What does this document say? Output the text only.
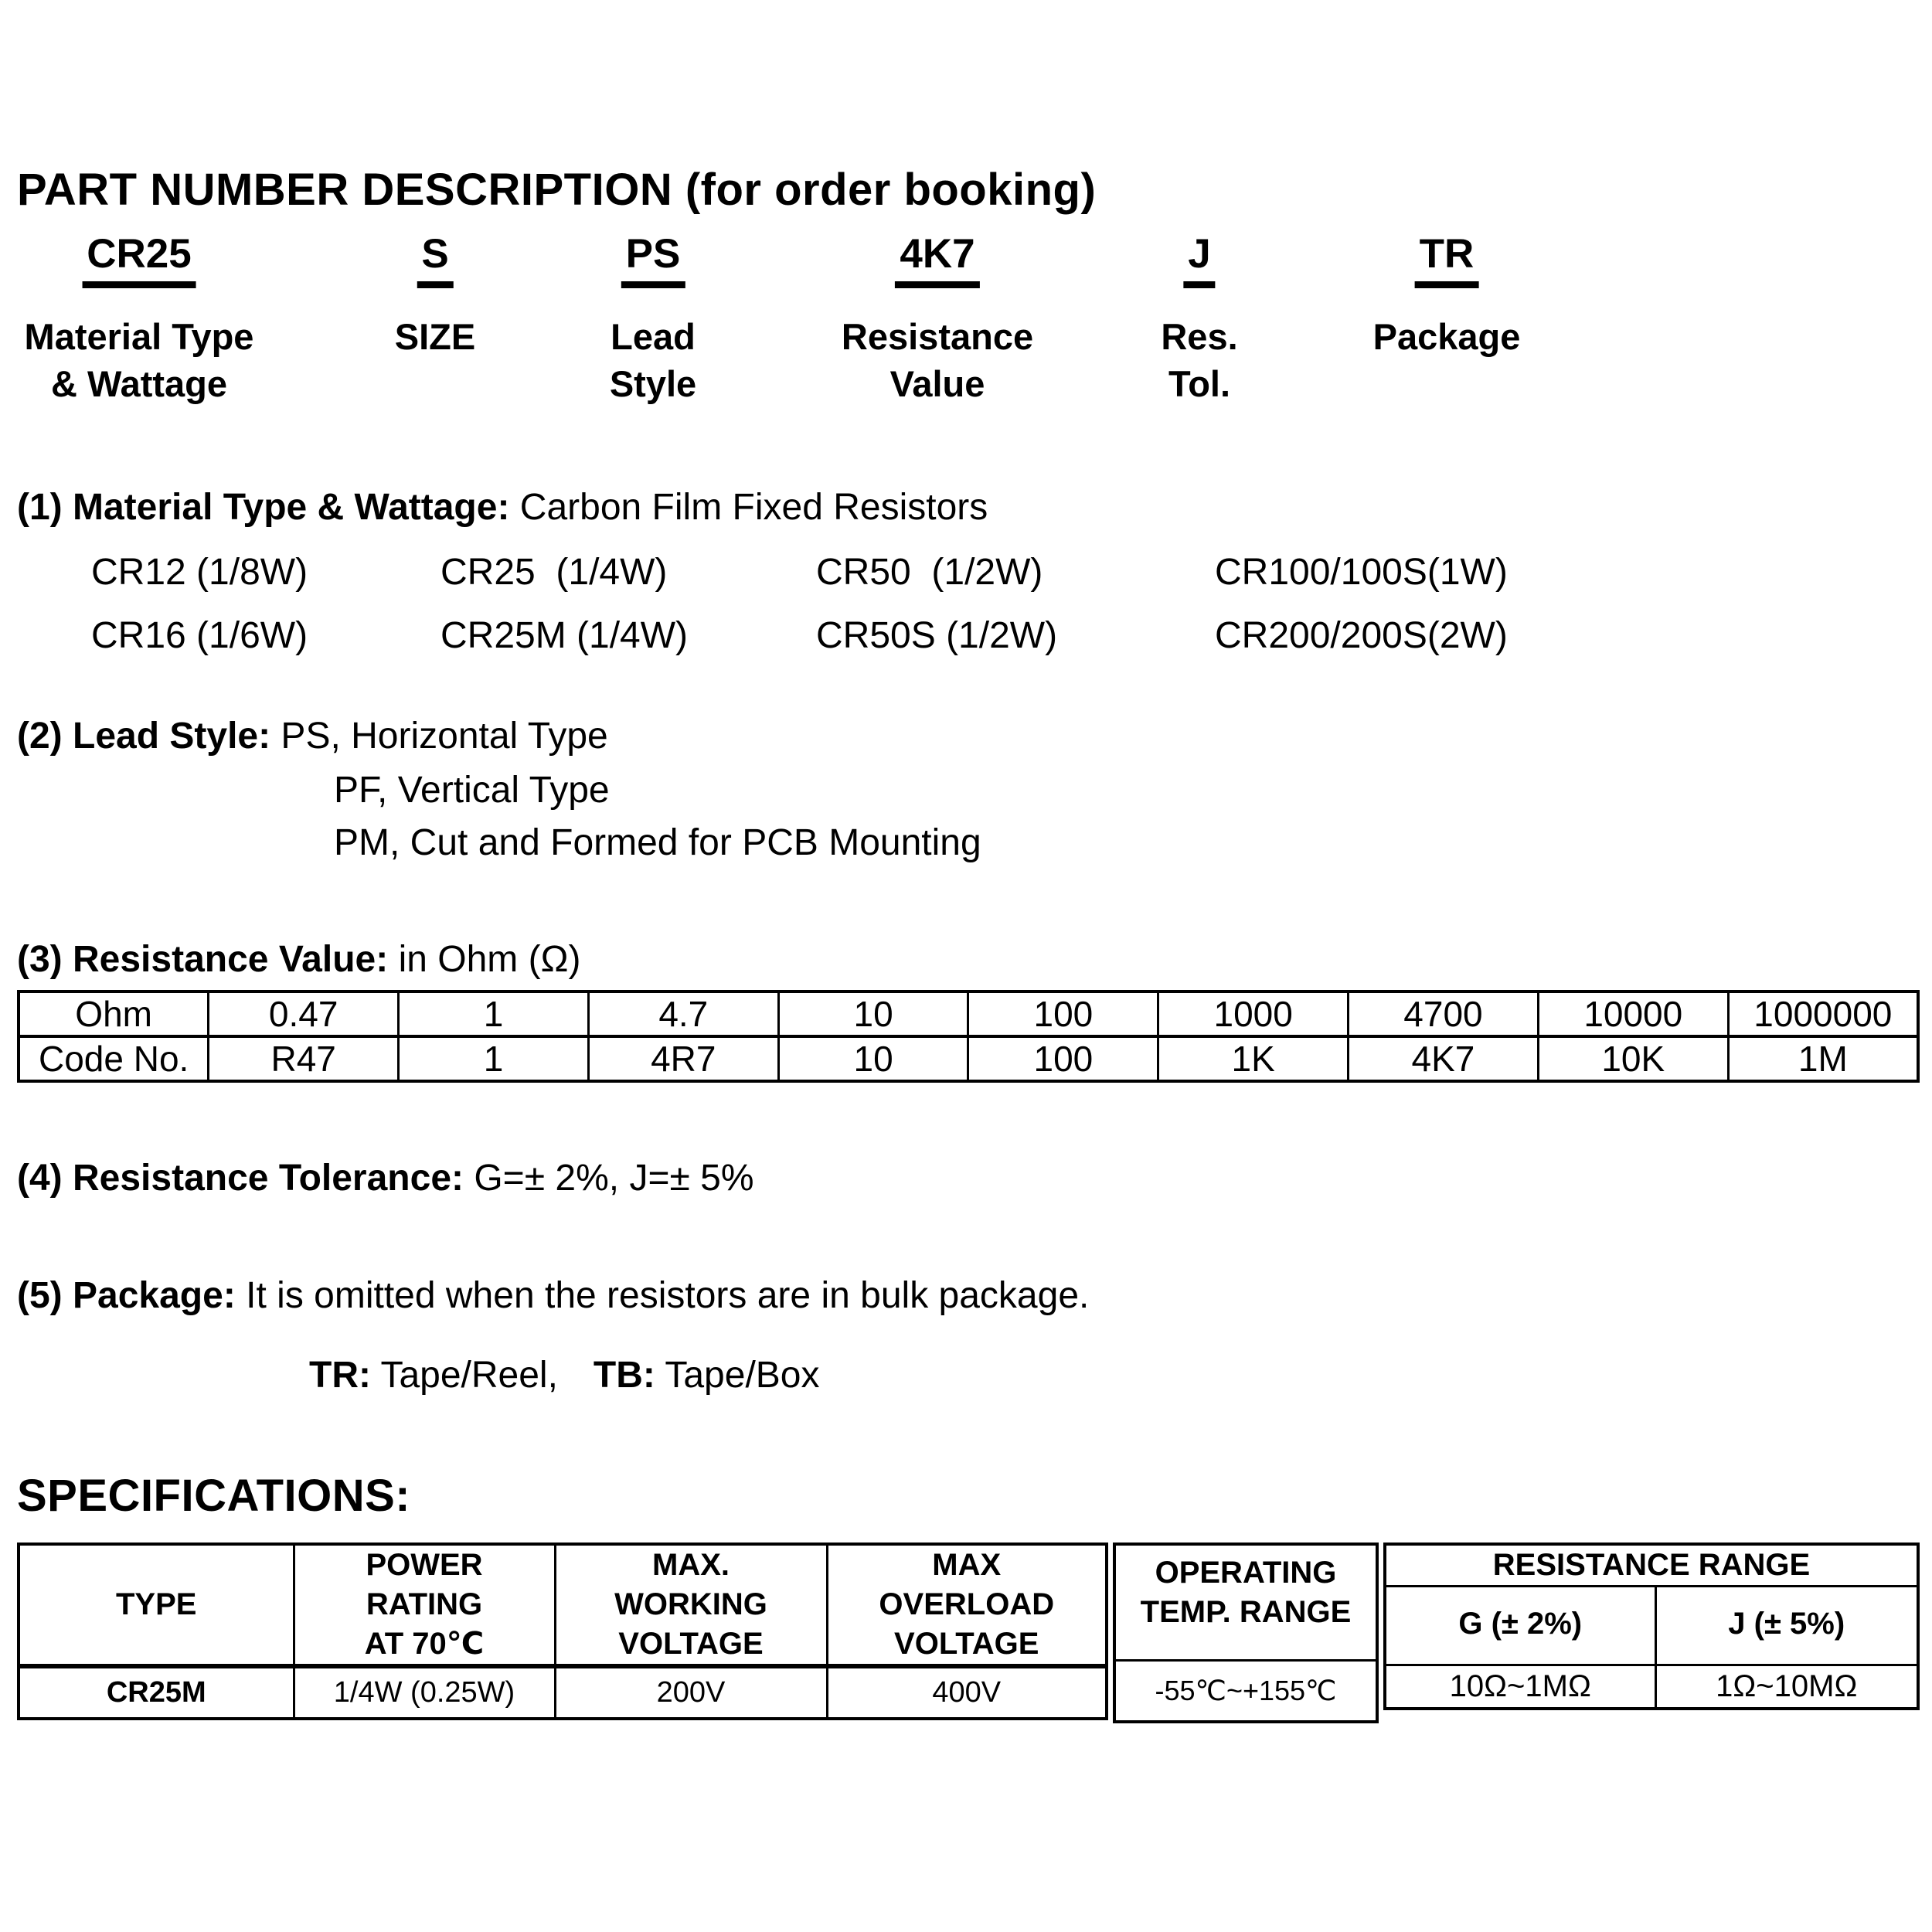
PART NUMBER DESCRIPTION (for order booking)
CR25
Material Type
& Wattage
S
SIZE
PS
Lead
Style
4K7
Resistance
Value
J
Res.
Tol.
TR
Package
(1) Material Type & Wattage: Carbon Film Fixed Resistors
CR12 (1/8W)	CR25  (1/4W)	CR50  (1/2W)	CR100/100S(1W)
CR16 (1/6W)	CR25M (1/4W)	CR50S (1/2W)	CR200/200S(2W)
(2) Lead Style: PS, Horizontal Type
PF, Vertical Type
PM, Cut and Formed for PCB Mounting
(3) Resistance Value: in Ohm (Ω)
Ohm	0.47	1	4.7	10	100	1000	4700	10000	1000000
Code No.	R47	1	4R7	10	100	1K	4K7	10K	1M
(4) Resistance Tolerance: G=± 2%, J=± 5%
(5) Package: It is omitted when the resistors are in bulk package.
TR: Tape/Reel, TB: Tape/Box
SPECIFICATIONS:
TYPE	
POWER
RATING
AT 70℃

MAX.
WORKING
VOLTAGE

MAX
OVERLOAD
VOLTAGE

CR25M	1/4W (0.25W)	200V	400V
OPERATING
TEMP. RANGE

-55℃~+155℃
RESISTANCE RANGE	
G (± 2%)	J (± 5%)
10Ω~1MΩ	1Ω~10MΩ
